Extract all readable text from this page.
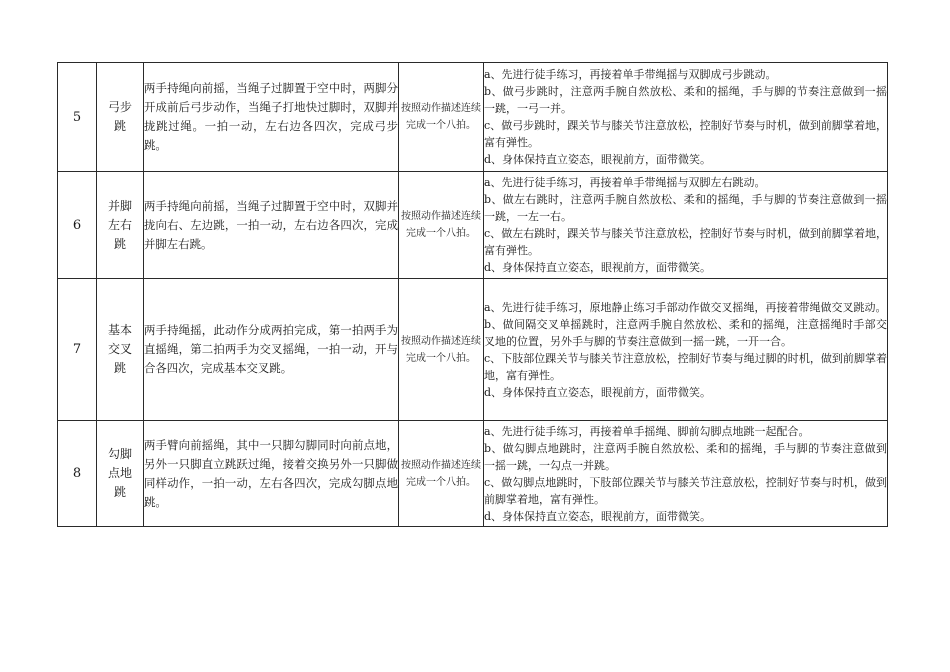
5	弓步跳	两手持绳向前摇，当绳子过脚置于空中时，两脚分开成前后弓步动作，当绳子打地快过脚时，双脚并拢跳过绳。一拍一动，左右边各四次，完成弓步跳。	按照动作描述连续完成一个八拍。	a、先进行徒手练习，再接着单手带绳摇与双脚成弓步跳动。

b、做弓步跳时，注意两手腕自然放松、柔和的摇绳，手与脚的节奏注意做到一摇一跳，一弓一并。

c、做弓步跳时，踝关节与膝关节注意放松，控制好节奏与时机，做到前脚掌着地，富有弹性。

d、身体保持直立姿态，眼视前方，面带微笑。

6	并脚左右跳	两手持绳向前摇，当绳子过脚置于空中时，双脚并拢向右、左边跳，一拍一动，左右边各四次，完成并脚左右跳。	按照动作描述连续完成一个八拍。	a、先进行徒手练习，再接着单手带绳摇与双脚左右跳动。

b、做左右跳时，注意两手腕自然放松、柔和的摇绳，手与脚的节奏注意做到一摇一跳，一左一右。

c、做左右跳时，踝关节与膝关节注意放松，控制好节奏与时机，做到前脚掌着地，富有弹性。

d、身体保持直立姿态，眼视前方，面带微笑。

7	基本交叉跳	两手持绳摇，此动作分成两拍完成，第一拍两手为直摇绳，第二拍两手为交叉摇绳，一拍一动，开与合各四次，完成基本交叉跳。	按照动作描述连续完成一个八拍。	a、先进行徒手练习，原地静止练习手部动作做交叉摇绳，再接着带绳做交叉跳动。

b、做间隔交叉单摇跳时，注意两手腕自然放松、柔和的摇绳，注意摇绳时手部交叉地的位置，另外手与脚的节奏注意做到一摇一跳，一开一合。

c、下肢部位踝关节与膝关节注意放松，控制好节奏与绳过脚的时机，做到前脚掌着地，富有弹性。

d、身体保持直立姿态，眼视前方，面带微笑。

8	勾脚点地跳	两手臂向前摇绳，其中一只脚勾脚同时向前点地，另外一只脚直立跳跃过绳，接着交换另外一只脚做同样动作，一拍一动，左右各四次，完成勾脚点地跳。	按照动作描述连续完成一个八拍。	a、先进行徒手练习，再接着单手摇绳、脚前勾脚点地跳一起配合。

b、做勾脚点地跳时，注意两手腕自然放松、柔和的摇绳，手与脚的节奏注意做到一摇一跳，一勾点一并跳。

c、做勾脚点地跳时，下肢部位踝关节与膝关节注意放松，控制好节奏与时机，做到前脚掌着地，富有弹性。

d、身体保持直立姿态，眼视前方，面带微笑。
